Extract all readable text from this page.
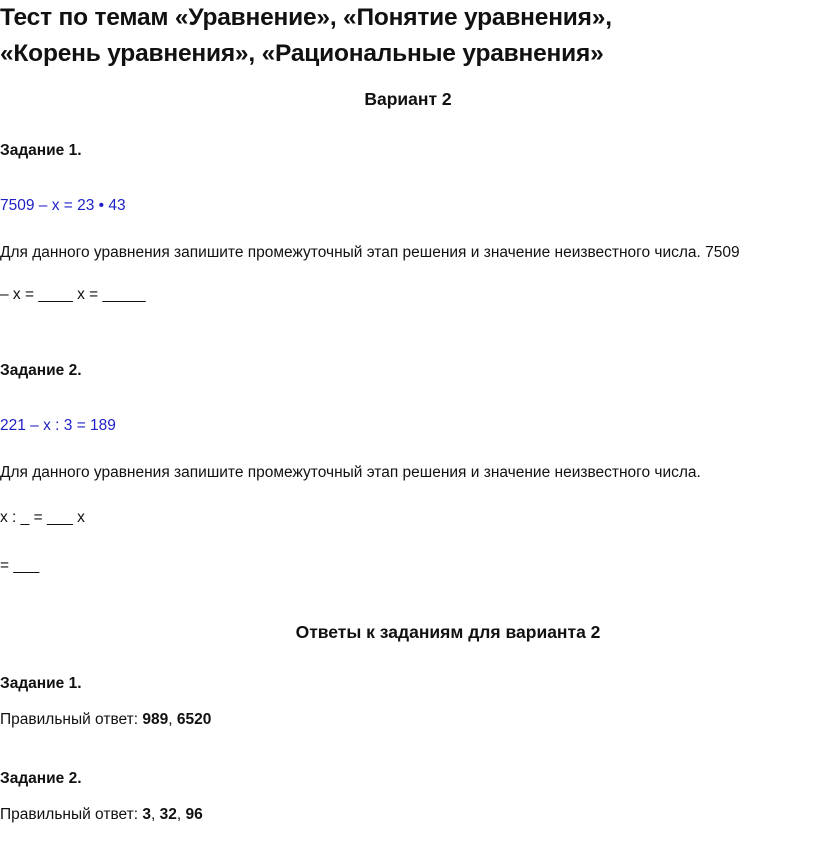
Тест по темам «Уравнение», «Понятие уравнения»,
«Корень уравнения», «Рациональные уравнения»
Вариант 2
Задание 1.
7509 – x = 23 • 43
Для данного уравнения запишите промежуточный этап решения и значение неизвестного числа. 7509
– x = ____ x = _____
Задание 2.
221 – x : 3 = 189
Для данного уравнения запишите промежуточный этап решения и значение неизвестного числа.
x : _ = ___ x
= ___
Ответы к заданиям для варианта 2
Задание 1.
Правильный ответ: 989, 6520
Задание 2.
Правильный ответ: 3, 32, 96
